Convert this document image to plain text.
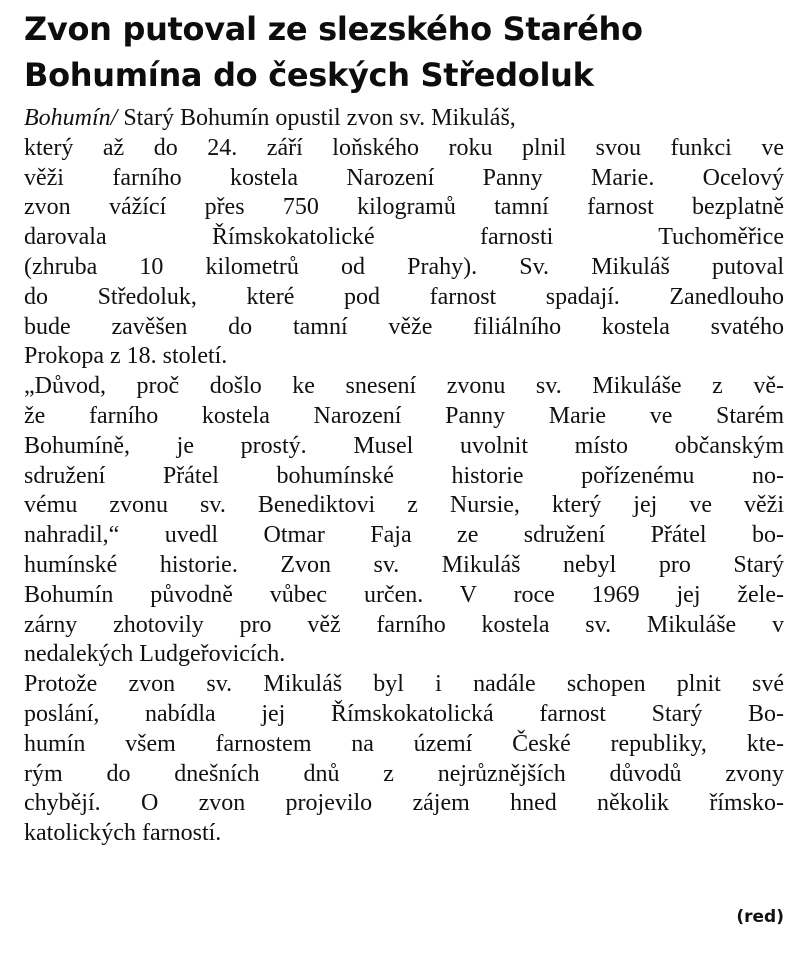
Zvon putoval ze slezského Starého
Bohumína do českých Středoluk

Bohumín/ Starý Bohumín opustil zvon sv. Mikuláš,
který až do 24. září loňského roku plnil svou funkci ve
věži farního kostela Narození Panny Marie. Ocelový
zvon vážící přes 750 kilogramů tamní farnost bezplatně
darovala Římskokatolické farnosti Tuchoměřice
(zhruba 10 kilometrů od Prahy). Sv. Mikuláš putoval
do Středoluk, které pod farnost spadají. Zanedlouho
bude zavěšen do tamní věže filiálního kostela svatého
Prokopa z 18. století.

„Důvod, proč došlo ke snesení zvonu sv. Mikuláše z vě-
že farního kostela Narození Panny Marie ve Starém
Bohumíně, je prostý. Musel uvolnit místo občanským
sdružení Přátel bohumínské historie pořízenému no-
vému zvonu sv. Benediktovi z Nursie, který jej ve věži
nahradil,“ uvedl Otmar Faja ze sdružení Přátel bo-
humínské historie. Zvon sv. Mikuláš nebyl pro Starý
Bohumín původně vůbec určen. V roce 1969 jej žele-
zárny zhotovily pro věž farního kostela sv. Mikuláše v
nedalekých Ludgeřovicích.

Protože zvon sv. Mikuláš byl i nadále schopen plnit své
poslání, nabídla jej Římskokatolická farnost Starý Bo-
humín všem farnostem na území České republiky, kte-
rým do dnešních dnů z nejrůznějších důvodů zvony
chybějí. O zvon projevilo zájem hned několik římsko-
katolických farností.

(red)
